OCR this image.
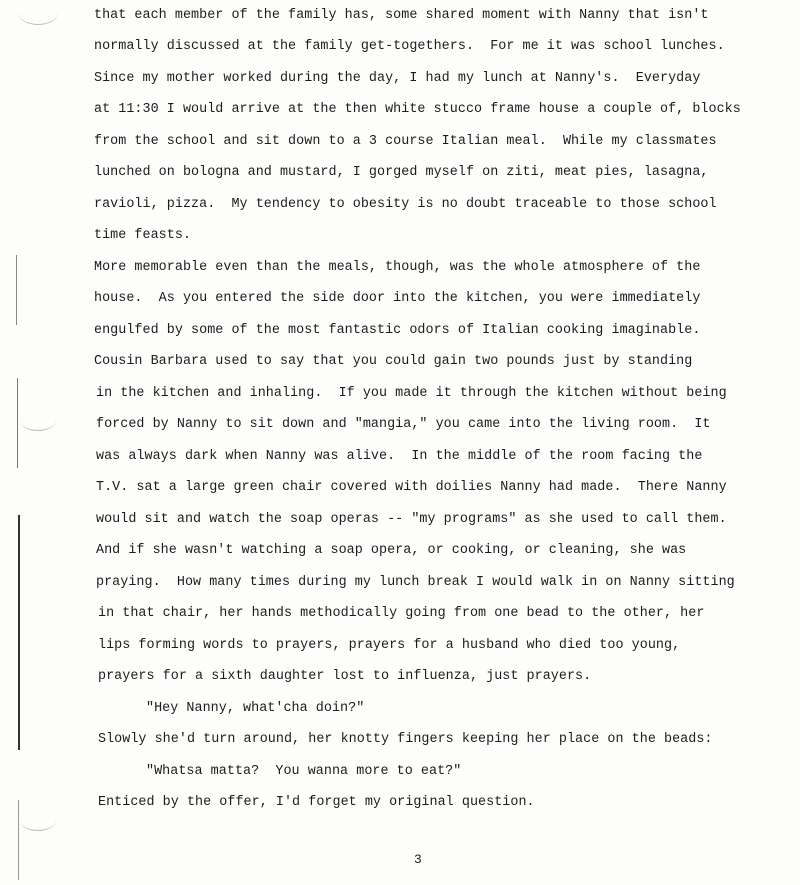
that each member of the family has, some shared moment with Nanny that isn't
normally discussed at the family get-togethers.  For me it was school lunches.
Since my mother worked during the day, I had my lunch at Nanny's.  Everyday
at 11:30 I would arrive at the then white stucco frame house a couple of, blocks
from the school and sit down to a 3 course Italian meal.  While my classmates
lunched on bologna and mustard, I gorged myself on ziti, meat pies, lasagna,
ravioli, pizza.  My tendency to obesity is no doubt traceable to those school
time feasts.
More memorable even than the meals, though, was the whole atmosphere of the
house.  As you entered the side door into the kitchen, you were immediately
engulfed by some of the most fantastic odors of Italian cooking imaginable.
Cousin Barbara used to say that you could gain two pounds just by standing
in the kitchen and inhaling.  If you made it through the kitchen without being
forced by Nanny to sit down and "mangia," you came into the living room.  It
was always dark when Nanny was alive.  In the middle of the room facing the
T.V. sat a large green chair covered with doilies Nanny had made.  There Nanny
would sit and watch the soap operas -- "my programs" as she used to call them.
And if she wasn't watching a soap opera, or cooking, or cleaning, she was
praying.  How many times during my lunch break I would walk in on Nanny sitting
in that chair, her hands methodically going from one bead to the other, her
lips forming words to prayers, prayers for a husband who died too young,
prayers for a sixth daughter lost to influenza, just prayers.
"Hey Nanny, what'cha doin?"
Slowly she'd turn around, her knotty fingers keeping her place on the beads:
"Whatsa matta?  You wanna more to eat?"
Enticed by the offer, I'd forget my original question.
3
